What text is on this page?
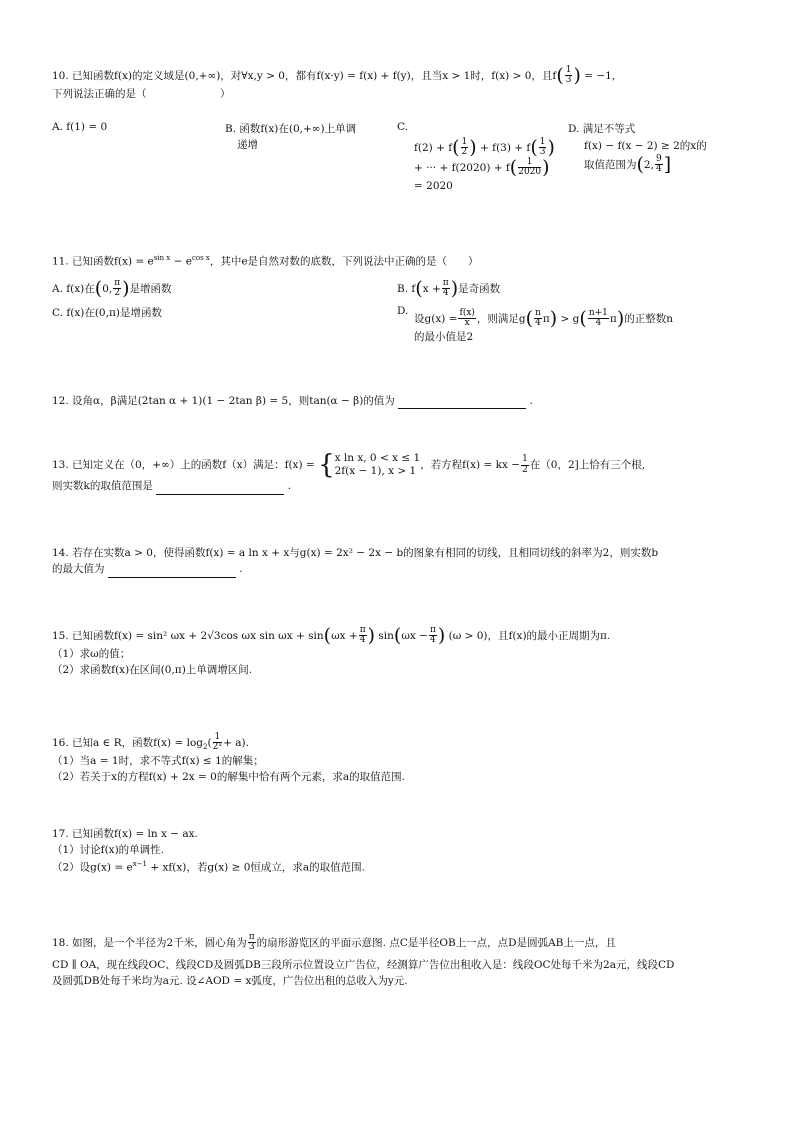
10. 已知函数f(x)的定义域是(0,+∞)，对∀x,y > 0，都有f(x·y) = f(x) + f(y)，且当x > 1时，f(x) > 0，且$f( \frac{1}{3}$ ) = −1,
下列说法正确的是（　　　　　　　）
A. f(1) = 0	B. 函数f(x)在(0,+∞)上单调
递增
C.
$f(2) + f( \frac{1}{2}$ ) + $f(3) + f( \frac{1}{3}$ )
+ ··· + $f(2020) + f( \frac{1}{2020}$ )
= 2020
D. 满足不等式
f(x) − f(x − 2) ≥ 2的x的
取值范围为(2, $\frac{9}{4}$ ]
11. 已知函数$f(x) = e^{sin x} - e^{cos x}$，其中e是自然对数的底数，下列说法中正确的是（　　）
A. f(x)在(0, $\frac{\pi}{2}$ )是增函数	B. $f(x + \frac{\pi}{4}$ )是奇函数
C. f(x)在(0,π)是增函数	D.
设$g(x) = \frac{f(x)}{x}$ ，则满足$g( \frac{n}{4} \pi) > g( \frac{n+1}{4} \pi)$的正整数n
的最小值是2
12. 设角α，β满足(2tan α + 1)(1 − 2tan β) = 5，则tan(α − β)的值为	.
13. 已知定义在（0，+∞）上的函数f（x）满足：f(x) = { x ln x, 0 < x ≤ 1
2f(x − 1), x > 1 ，若方程f(x) = kx − $\frac{1}{2}$ 在（0，2]上恰有三个根,
则实数k的取值范围是	.
14. 若存在实数a > 0，使得函数f(x) = a ln x + x与g(x) = 2x² − 2x − b的图象有相同的切线，且相同切线的斜率为2，则实数b
的最大值为	.
15. 已知函数f(x) = sin² ωx + 2√3cos ωx $\sin \omega x + \sin(\omega x + \frac{\pi}{4}$ ) $\sin(\omega x - \frac{\pi}{4}$ ) (ω > 0)，且f(x)的最小正周期为π.
（1）求ω的值；
（2）求函数f(x)在区间(0,π)上单调增区间.
16. 已知a ∈ R，函数$f(x) = \log_2( \frac{1}{\text{2ˣ}} + a)$.
（1）当a = 1时，求不等式f(x) ≤ 1的解集；
（2）若关于x的方程f(x) + 2x = 0的解集中恰有两个元素，求a的取值范围.
17. 已知函数f(x) = ln x − ax.
（1）讨论f(x)的单调性.
（2）设$g(x) = e^{x-1} + xf(x)$，若g(x) ≥ 0恒成立，求a的取值范围.
18. 如图，是一个半径为2千米，圆心角为 $\frac{\pi}{3}$ 的扇形游览区的平面示意图. 点C是半径OB上一点，点D是圆弧AB上一点，且
CD ∥ OA，现在线段OC、线段CD及圆弧DB三段所示位置设立广告位，经测算广告位出租收入是：线段OC处每千米为2a元，线段CD
及圆弧DB处每千米均为a元. 设∠AOD = x弧度，广告位出租的总收入为y元.
